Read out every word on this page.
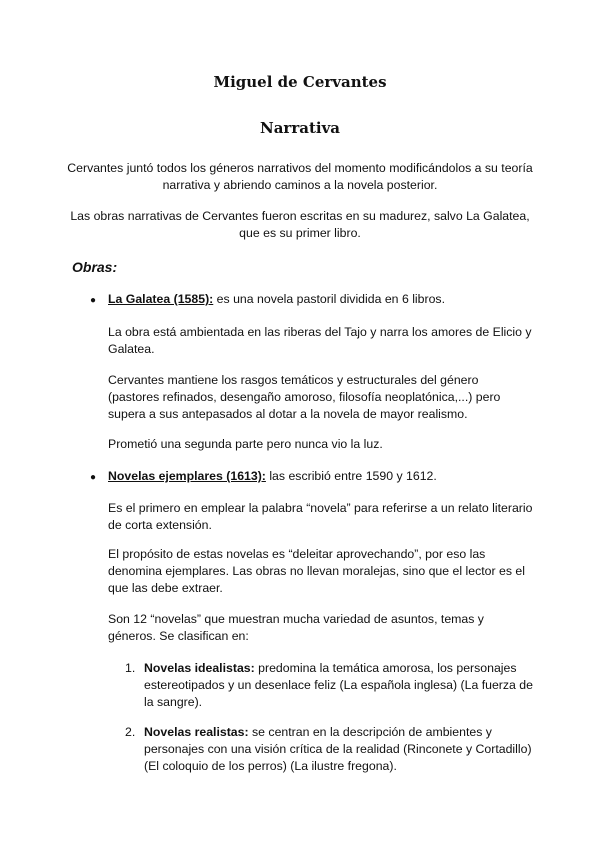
Miguel de Cervantes
Narrativa

Cervantes juntó todos los géneros narrativos del momento modificándolos a su teoría narrativa y abriendo caminos a la novela posterior.

Las obras narrativas de Cervantes fueron escritas en su madurez, salvo La Galatea, que es su primer libro.

Obras:
● La Galatea (1585): es una novela pastoril dividida en 6 libros.

La obra está ambientada en las riberas del Tajo y narra los amores de Elicio y Galatea.

Cervantes mantiene los rasgos temáticos y estructurales del género (pastores refinados, desengaño amoroso, filosofía neoplatónica,...) pero supera a sus antepasados al dotar a la novela de mayor realismo.

Prometió una segunda parte pero nunca vio la luz.

● Novelas ejemplares (1613): las escribió entre 1590 y 1612.

Es el primero en emplear la palabra “novela” para referirse a un relato literario de corta extensión.

El propósito de estas novelas es “deleitar aprovechando”, por eso las denomina ejemplares. Las obras no llevan moralejas, sino que el lector es el que las debe extraer.

Son 12 “novelas” que muestran mucha variedad de asuntos, temas y géneros. Se clasifican en:

1. Novelas idealistas: predomina la temática amorosa, los personajes estereotipados y un desenlace feliz (La española inglesa) (La fuerza de la sangre).

2. Novelas realistas: se centran en la descripción de ambientes y personajes con una visión crítica de la realidad (Rinconete y Cortadillo) (El coloquio de los perros) (La ilustre fregona).
